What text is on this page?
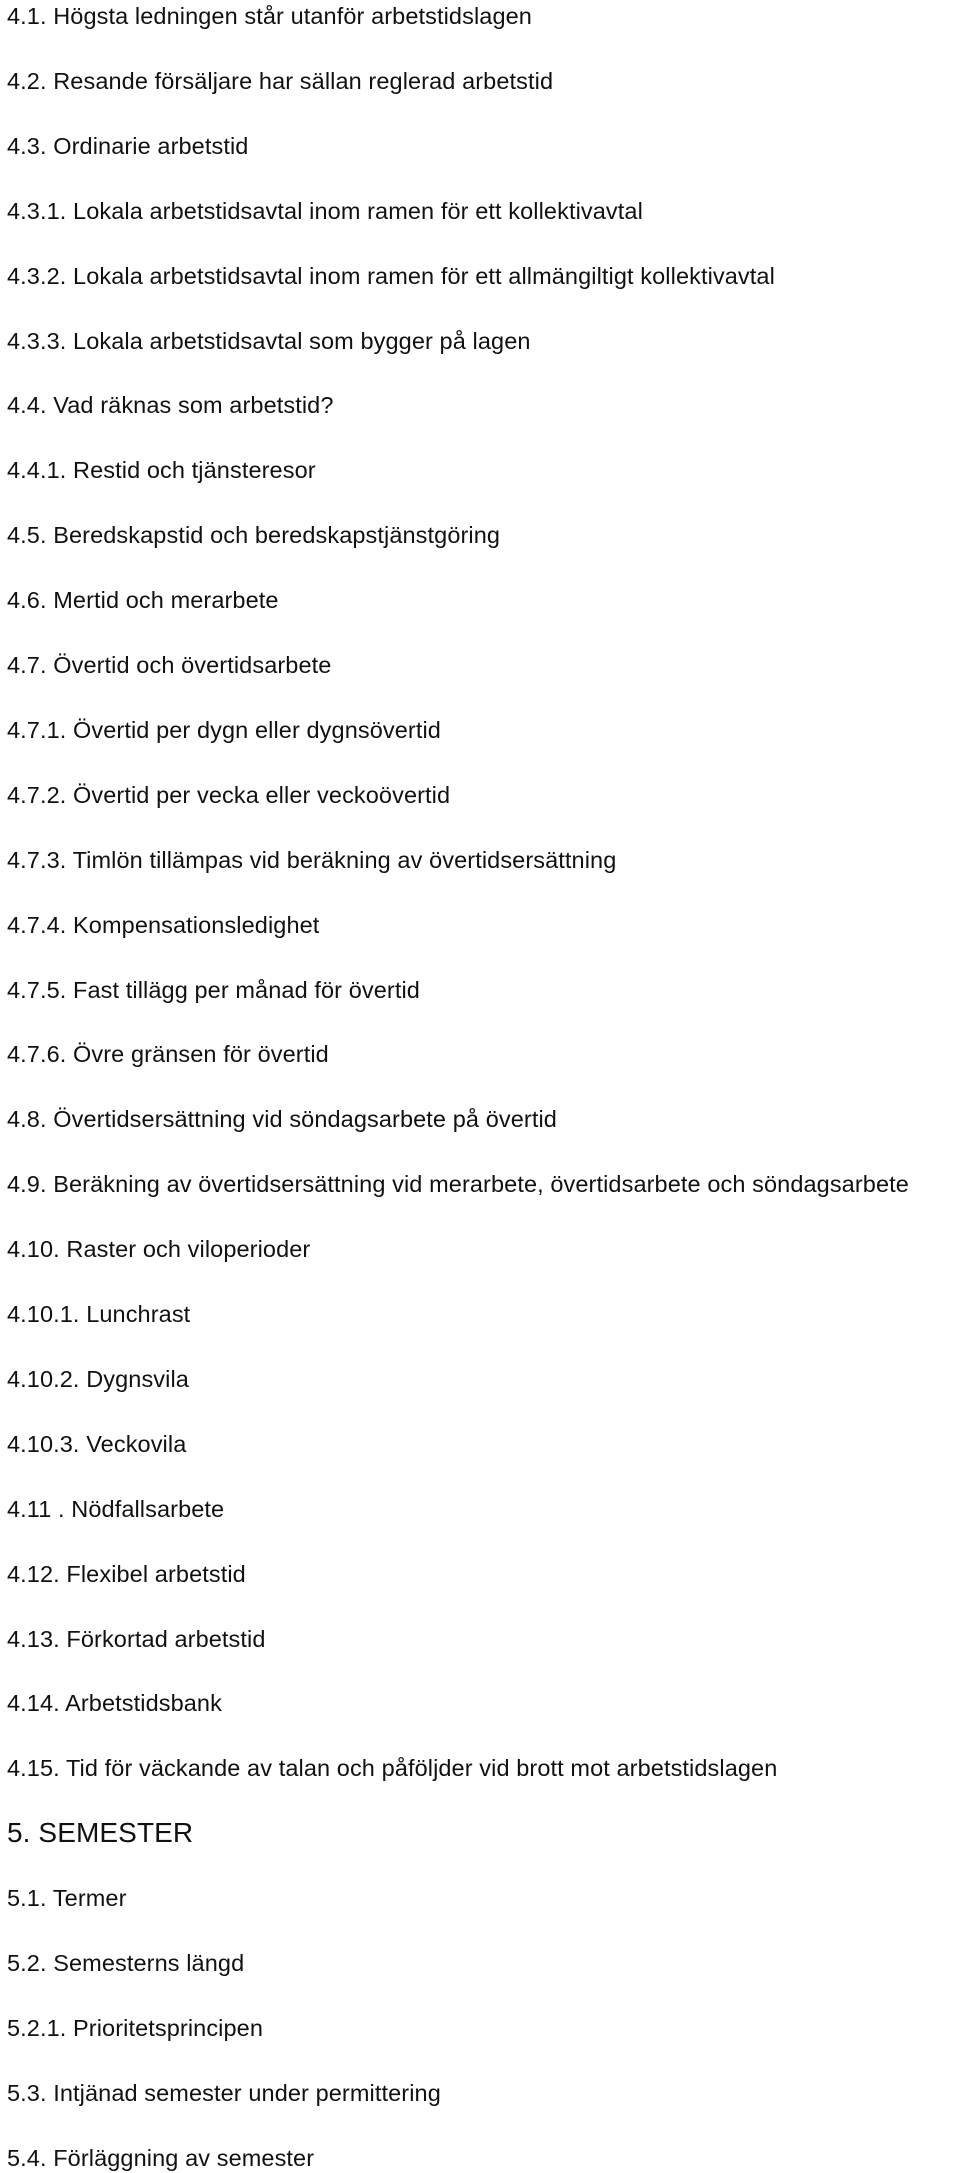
4.1. Högsta ledningen står utanför arbetstidslagen
4.2. Resande försäljare har sällan reglerad arbetstid
4.3. Ordinarie arbetstid
4.3.1. Lokala arbetstidsavtal inom ramen för ett kollektivavtal
4.3.2. Lokala arbetstidsavtal inom ramen för ett allmängiltigt kollektivavtal
4.3.3. Lokala arbetstidsavtal som bygger på lagen
4.4. Vad räknas som arbetstid?
4.4.1. Restid och tjänsteresor
4.5. Beredskapstid och beredskapstjänstgöring
4.6. Mertid och merarbete
4.7. Övertid och övertidsarbete
4.7.1. Övertid per dygn eller dygnsövertid
4.7.2. Övertid per vecka eller veckoövertid
4.7.3. Timlön tillämpas vid beräkning av övertidsersättning
4.7.4. Kompensationsledighet
4.7.5. Fast tillägg per månad för övertid
4.7.6. Övre gränsen för övertid
4.8. Övertidsersättning vid söndagsarbete på övertid
4.9. Beräkning av övertidsersättning vid merarbete, övertidsarbete och söndagsarbete
4.10. Raster och viloperioder
4.10.1. Lunchrast
4.10.2. Dygnsvila
4.10.3. Veckovila
4.11 . Nödfallsarbete
4.12. Flexibel arbetstid
4.13. Förkortad arbetstid
4.14. Arbetstidsbank
4.15. Tid för väckande av talan och påföljder vid brott mot arbetstidslagen
5. SEMESTER
5.1. Termer
5.2. Semesterns längd
5.2.1. Prioritetsprincipen
5.3. Intjänad semester under permittering
5.4. Förläggning av semester
